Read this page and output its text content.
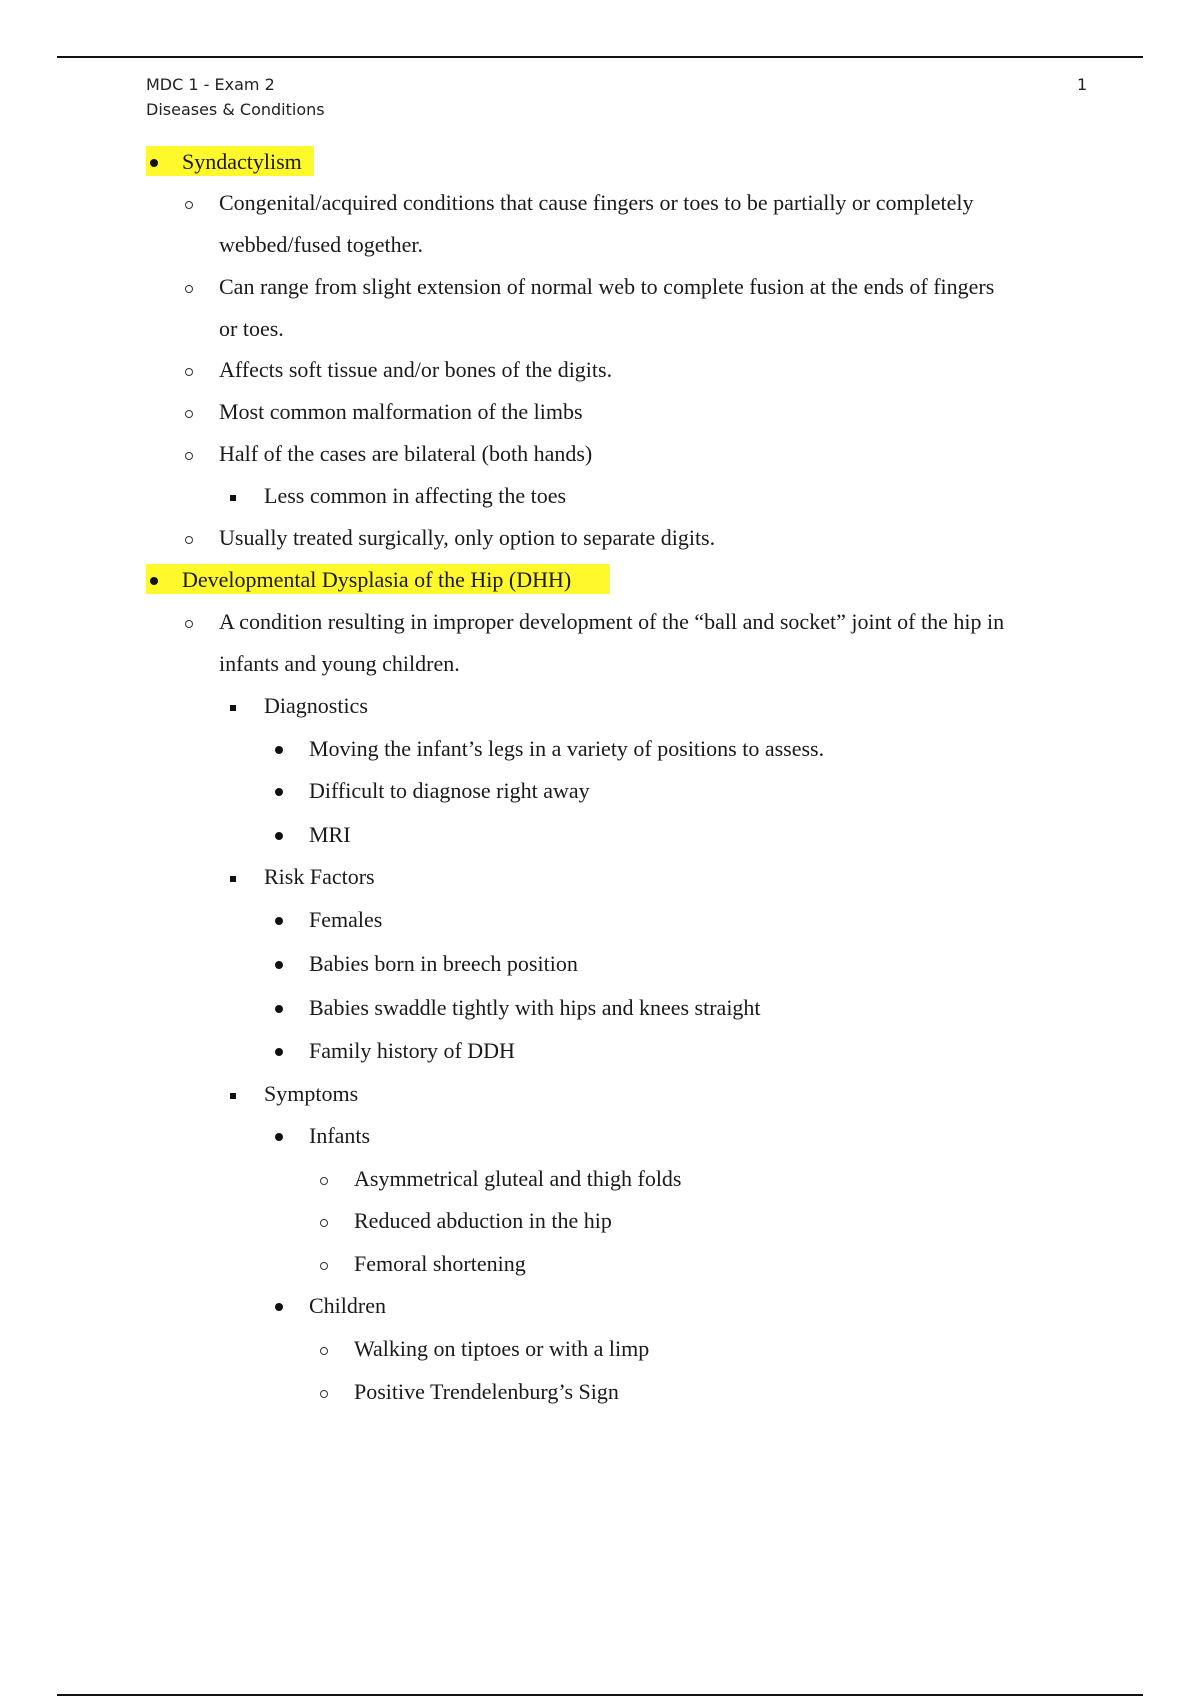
MDC 1 - Exam 2
Diseases & Conditions
1
Syndactylism
Congenital/acquired conditions that cause fingers or toes to be partially or completely
webbed/fused together.
Can range from slight extension of normal web to complete fusion at the ends of fingers
or toes.
Affects soft tissue and/or bones of the digits.
Most common malformation of the limbs
Half of the cases are bilateral (both hands)
Less common in affecting the toes
Usually treated surgically, only option to separate digits.
Developmental Dysplasia of the Hip (DHH)
A condition resulting in improper development of the “ball and socket” joint of the hip in
infants and young children.
Diagnostics
Moving the infant’s legs in a variety of positions to assess.
Difficult to diagnose right away
MRI
Risk Factors
Females
Babies born in breech position
Babies swaddle tightly with hips and knees straight
Family history of DDH
Symptoms
Infants
Asymmetrical gluteal and thigh folds
Reduced abduction in the hip
Femoral shortening
Children
Walking on tiptoes or with a limp
Positive Trendelenburg’s Sign
